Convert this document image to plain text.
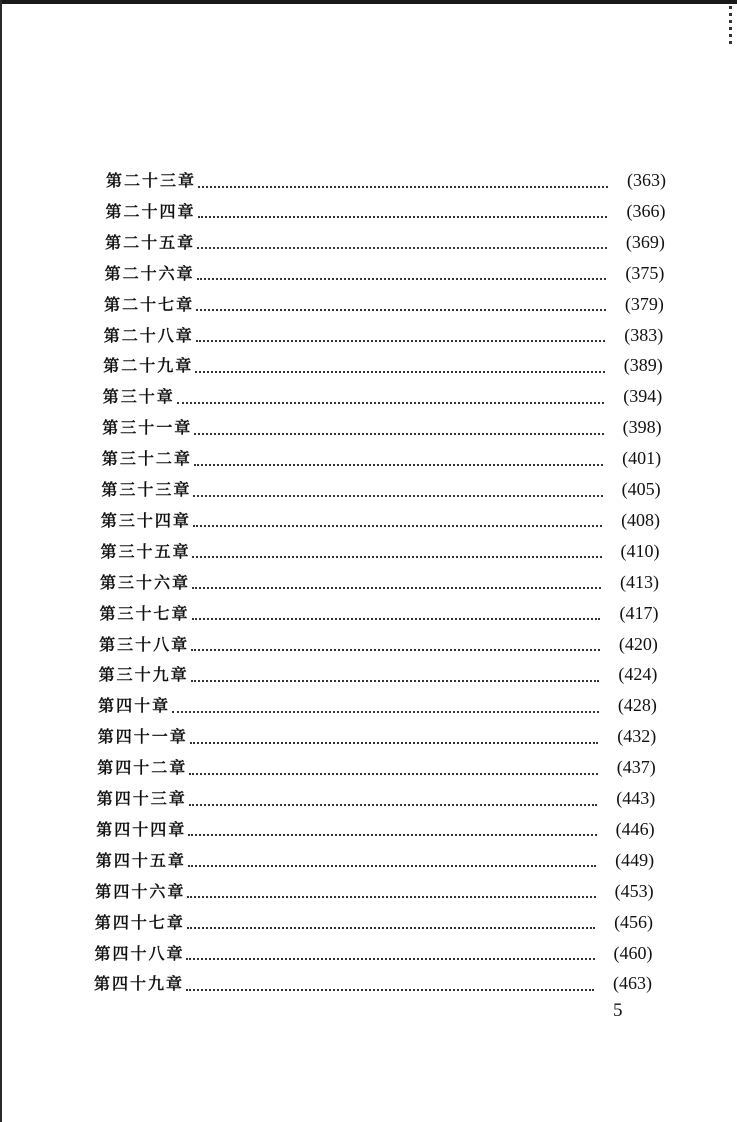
第二十三章	(363)
第二十四章	(366)
第二十五章	(369)
第二十六章	(375)
第二十七章	(379)
第二十八章	(383)
第二十九章	(389)
第三十章	(394)
第三十一章	(398)
第三十二章	(401)
第三十三章	(405)
第三十四章	(408)
第三十五章	(410)
第三十六章	(413)
第三十七章	(417)
第三十八章	(420)
第三十九章	(424)
第四十章	(428)
第四十一章	(432)
第四十二章	(437)
第四十三章	(443)
第四十四章	(446)
第四十五章	(449)
第四十六章	(453)
第四十七章	(456)
第四十八章	(460)
第四十九章	(463)
5
